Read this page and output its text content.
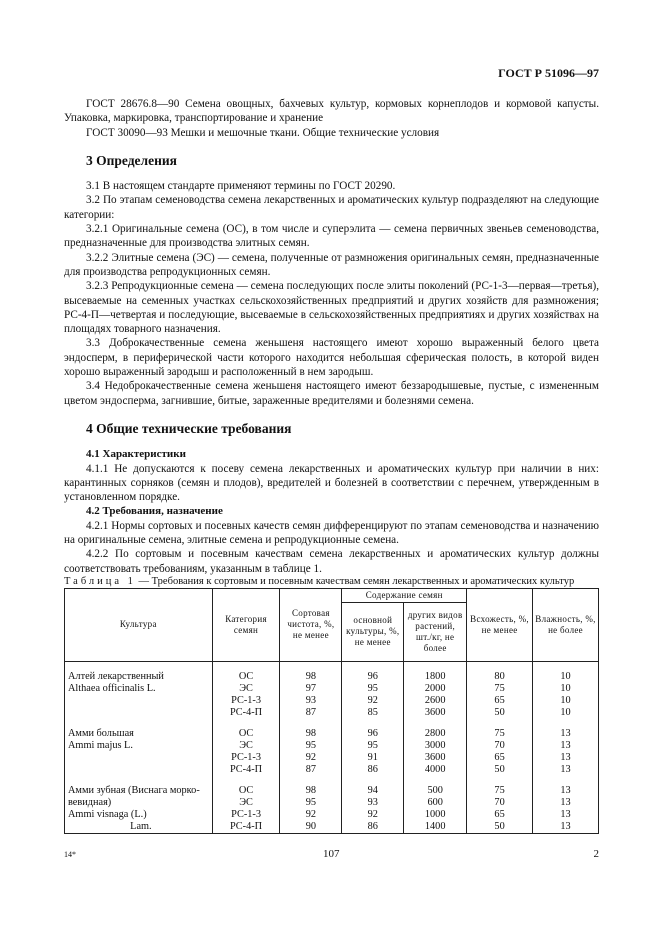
ГОСТ Р 51096—97

ГОСТ 28676.8—90 Семена овощных, бахчевых культур, кормовых корнеплодов и кормовой капусты. Упаковка, маркировка, транспортирование и хранение

ГОСТ 30090—93 Мешки и мешочные ткани. Общие технические условия

3 Определения

3.1 В настоящем стандарте применяют термины по ГОСТ 20290.

3.2 По этапам семеноводства семена лекарственных и ароматических культур подразделяют на следующие категории:

3.2.1 Оригинальные семена (ОС), в том числе и суперэлита — семена первичных звеньев семеноводства, предназначенные для производства элитных семян.

3.2.2 Элитные семена (ЭС) — семена, полученные от размножения оригинальных семян, предназначенные для производства репродукционных семян.

3.2.3 Репродукционные семена — семена последующих после элиты поколений (РС-1-3—первая—третья), высеваемые на семенных участках сельскохозяйственных предприятий и других хозяйств для размножения; РС-4-П—четвертая и последующие, высеваемые в сельскохозяйственных предприятиях и других хозяйствах на площадях товарного назначения.

3.3 Доброкачественные семена женьшеня настоящего имеют хорошо выраженный белого цвета эндосперм, в периферической части которого находится небольшая сферическая полость, в которой виден хорошо выраженный зародыш и расположенный в нем зародыш.

3.4 Недоброкачественные семена женьшеня настоящего имеют беззародышевые, пустые, с измененным цветом эндосперма, загнившие, битые, зараженные вредителями и болезнями семена.

4 Общие технические требования
4.1 Характеристики

4.1.1 Не допускаются к посеву семена лекарственных и ароматических культур при наличии в них: карантинных сорняков (семян и плодов), вредителей и болезней в соответствии с перечнем, утвержденным в установленном порядке.

4.2 Требования, назначение

4.2.1 Нормы сортовых и посевных качеств семян дифференцируют по этапам семеноводства и назначению на оригинальные семена, элитные семена и репродукционные семена.

4.2.2 По сортовым и посевным качествам семена лекарственных и ароматических культур должны соответствовать требованиям, указанным в таблице 1.

Таблица 1 — Требования к сортовым и посевным качествам семян лекарственных и ароматических культур

Культура	Категория семян	Сортовая чистота, %, не менее	Содержание семян		Всхожесть, %, не менее	Влажность, %, не более
			основной культуры, %, не менее	других видов растений, шт./кг, не более		

Алтей лекарственный	ОС	98	96	1800	80	10
Althaea officinalis L.	ЭС	97	95	2000	75	10
	РС-1-3	93	92	2600	65	10
	РС-4-П	87	85	3600	50	10

Амми большая	ОС	98	96	2800	75	13
Ammi majus L.	ЭС	95	95	3000	70	13
	РС-1-3	92	91	3600	65	13
	РС-4-П	87	86	4000	50	13

Амми зубная (Виснага морко-	ОС	98	94	500	75	13
вевидная)	ЭС	95	93	600	70	13
Ammi visnaga (L.)	РС-1-3	92	92	1000	65	13
Lam.	РС-4-П	90	86	1400	50	13
14*	107	2
